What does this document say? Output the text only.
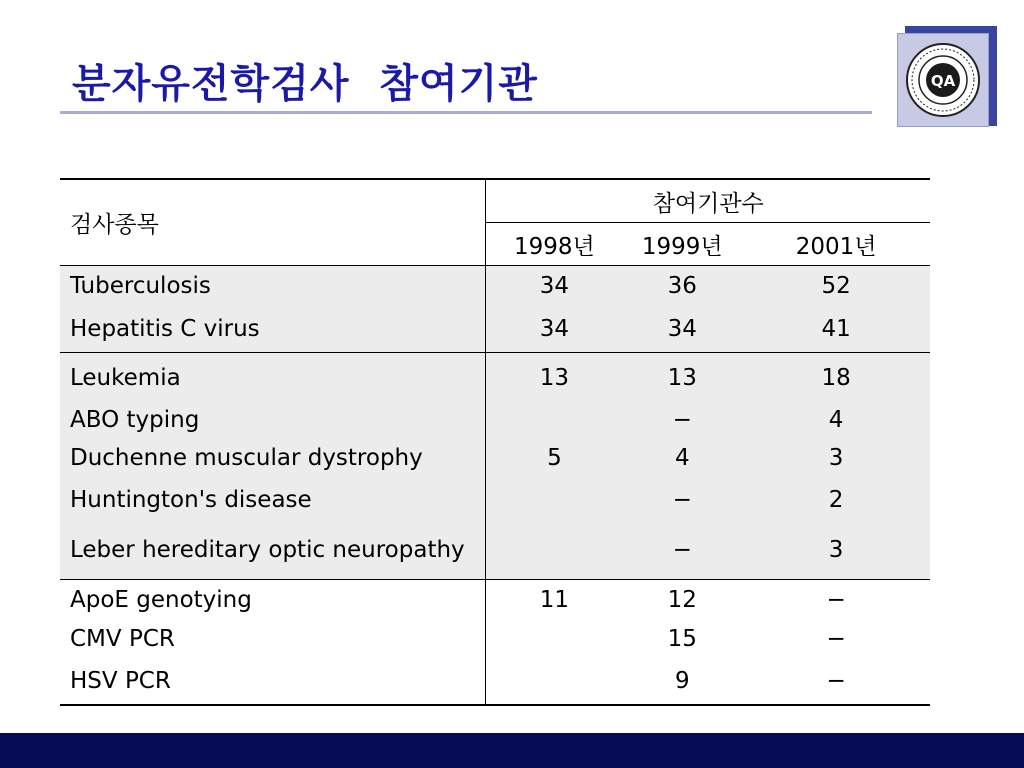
분자유전학검사  참여기관	QA
검사종목	참여기관수		
	1998년	1999년	2001년
Tuberculosis	34	36	52
Hepatitis C virus	34	34	41
Leukemia	13	13	18
ABO typing		−	4
Duchenne muscular dystrophy	5	4	3
Huntington's disease		−	2
Leber hereditary optic neuropathy		−	3
ApoE genotying	11	12	−
CMV PCR		15	−
HSV PCR		9	−
